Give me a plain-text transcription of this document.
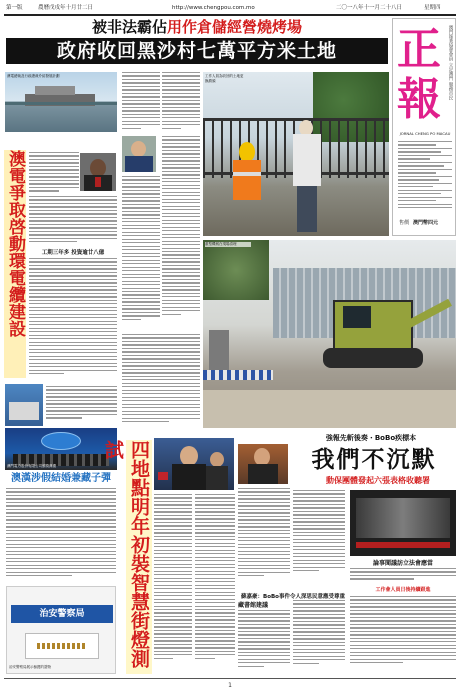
第一版	農曆戊戌年十月廿二日	http://www.chengpou.com.mo	二〇一八年十一月二十八日	星期四
被非法霸佔用作倉儲經營燒烤場
政府收回黑沙村七萬平方米土地	澳門報業協會會員 立足澳門 服務市民
正
報
JORNAL CHENG PO MACAU
售價 澳門幣四元
澳電總裁及行政總裁介紹發展計劃
澳電爭取啓動環電纜建設	工期三年多 投資逾廿八億
澳門電力股份有限公司頒獎典禮
澳漢涉假結婚兼藏子彈
治安警察局
治安警察局展示檢獲的證物
工作人員為收回的土地更換鎖頭
重型機械在現場清理
四地點明年初裝智慧街燈測試
強報先斬後奏・BoBo疾標本
我們不沉默
動保團體發起六張表格收聽署
論事聞議訪立法會應當
工作會人員日後持續跟進
蘇嘉豪：BoBo事件令人深思民意應受尊重
藏書館建議
1
